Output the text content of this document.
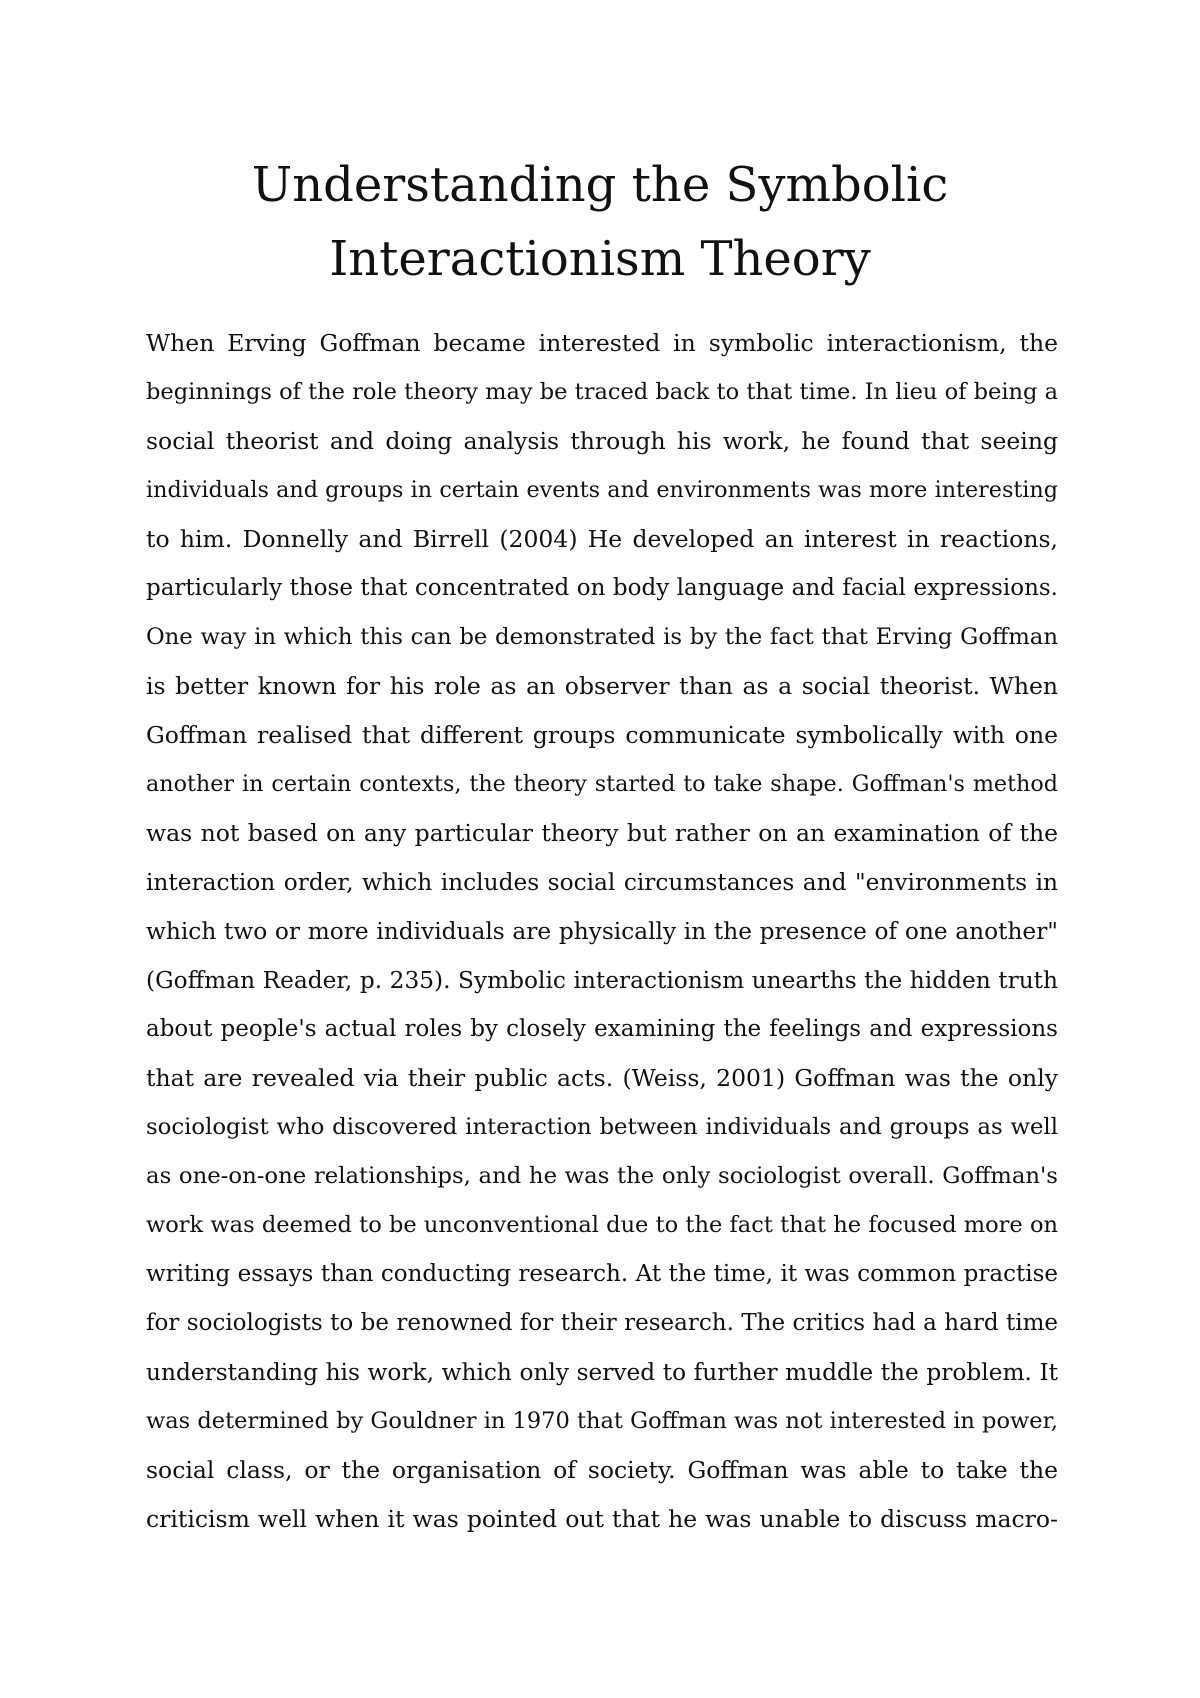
Understanding the Symbolic
Interactionism Theory
When Erving Goffman became interested in symbolic interactionism, the
beginnings of the role theory may be traced back to that time. In lieu of being a
social theorist and doing analysis through his work, he found that seeing
individuals and groups in certain events and environments was more interesting
to him. Donnelly and Birrell (2004) He developed an interest in reactions,
particularly those that concentrated on body language and facial expressions.
One way in which this can be demonstrated is by the fact that Erving Goffman
is better known for his role as an observer than as a social theorist. When
Goffman realised that different groups communicate symbolically with one
another in certain contexts, the theory started to take shape. Goffman's method
was not based on any particular theory but rather on an examination of the
interaction order, which includes social circumstances and "environments in
which two or more individuals are physically in the presence of one another"
(Goffman Reader, p. 235). Symbolic interactionism unearths the hidden truth
about people's actual roles by closely examining the feelings and expressions
that are revealed via their public acts. (Weiss, 2001) Goffman was the only
sociologist who discovered interaction between individuals and groups as well
as one-on-one relationships, and he was the only sociologist overall. Goffman's
work was deemed to be unconventional due to the fact that he focused more on
writing essays than conducting research. At the time, it was common practise
for sociologists to be renowned for their research. The critics had a hard time
understanding his work, which only served to further muddle the problem. It
was determined by Gouldner in 1970 that Goffman was not interested in power,
social class, or the organisation of society. Goffman was able to take the
criticism well when it was pointed out that he was unable to discuss macro-
